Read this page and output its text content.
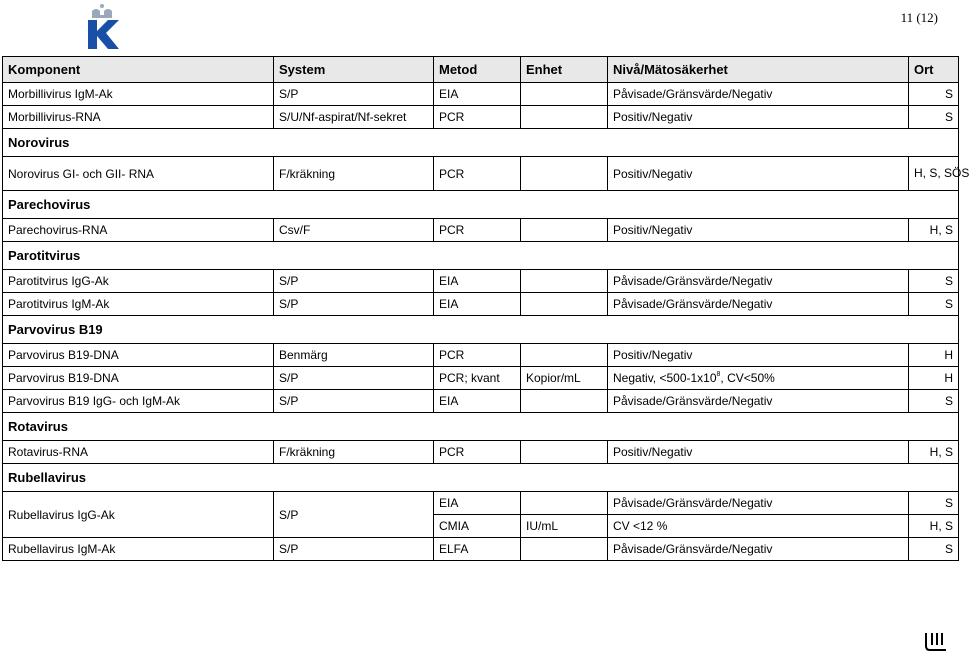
11 (12)
Komponent	System	Metod	Enhet	Nivå/Mätosäkerhet	Ort
Morbillivirus IgM-Ak	S/P	EIA		Påvisade/Gränsvärde/Negativ	S
Morbillivirus-RNA	S/U/Nf-aspirat/Nf-sekret	PCR		Positiv/Negativ	S
Norovirus					
Norovirus GI- och GII- RNA	F/kräkning	PCR		Positiv/Negativ	H, S, SÖS
Parechovirus					
Parechovirus-RNA	Csv/F	PCR		Positiv/Negativ	H, S
Parotitvirus					
Parotitvirus IgG-Ak	S/P	EIA		Påvisade/Gränsvärde/Negativ	S
Parotitvirus IgM-Ak	S/P	EIA		Påvisade/Gränsvärde/Negativ	S
Parvovirus B19					
Parvovirus B19-DNA	Benmärg	PCR		Positiv/Negativ	H
Parvovirus B19-DNA	S/P	PCR; kvant	Kopior/mL	Negativ, $<500-1x10^8$, CV<50%	H
Parvovirus B19 IgG- och IgM-Ak	S/P	EIA		Påvisade/Gränsvärde/Negativ	S
Rotavirus					
Rotavirus-RNA	F/kräkning	PCR		Positiv/Negativ	H, S
Rubellavirus					
Rubellavirus IgG-Ak	S/P	EIA		Påvisade/Gränsvärde/Negativ	S
		CMIA	IU/mL	CV <12 %	H, S
Rubellavirus IgM-Ak	S/P	ELFA		Påvisade/Gränsvärde/Negativ	S
